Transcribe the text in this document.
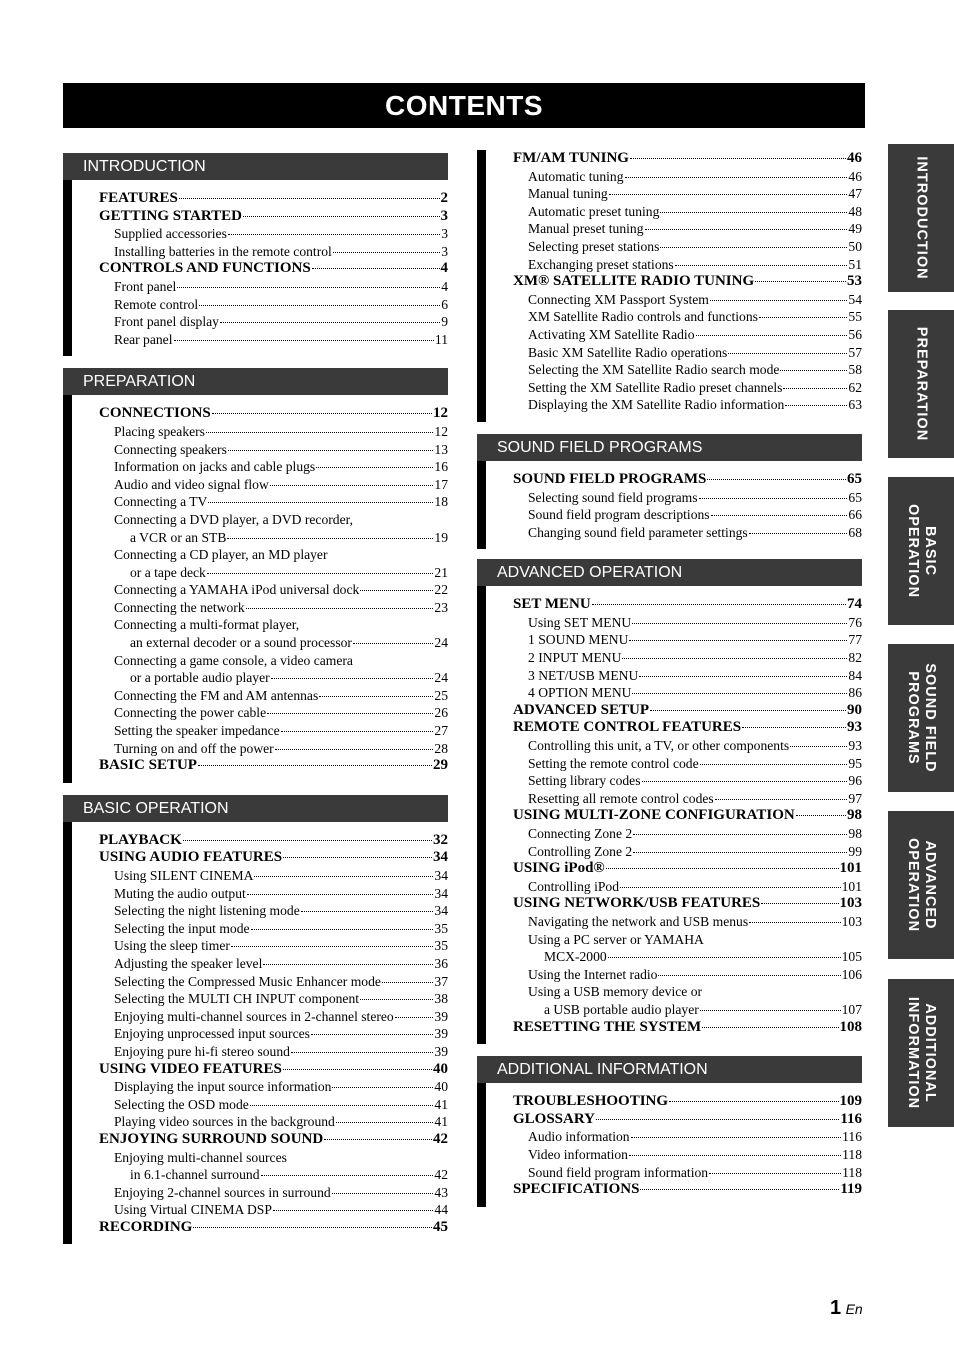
CONTENTS
INTRODUCTION
FEATURES	2
GETTING STARTED	3
Supplied accessories	3
Installing batteries in the remote control	3
CONTROLS AND FUNCTIONS	4
Front panel	4
Remote control	6
Front panel display	9
Rear panel	11
PREPARATION
CONNECTIONS	12
Placing speakers	12
Connecting speakers	13
Information on jacks and cable plugs	16
Audio and video signal flow	17
Connecting a TV	18
Connecting a DVD player, a DVD recorder,
a VCR or an STB	19
Connecting a CD player, an MD player
or a tape deck	21
Connecting a YAMAHA iPod universal dock	22
Connecting the network	23
Connecting a multi-format player,
an external decoder or a sound processor	24
Connecting a game console, a video camera
or a portable audio player	24
Connecting the FM and AM antennas	25
Connecting the power cable	26
Setting the speaker impedance	27
Turning on and off the power	28
BASIC SETUP	29
BASIC OPERATION
PLAYBACK	32
USING AUDIO FEATURES	34
Using SILENT CINEMA	34
Muting the audio output	34
Selecting the night listening mode	34
Selecting the input mode	35
Using the sleep timer	35
Adjusting the speaker level	36
Selecting the Compressed Music Enhancer mode	37
Selecting the MULTI CH INPUT component	38
Enjoying multi-channel sources in 2-channel stereo	39
Enjoying unprocessed input sources	39
Enjoying pure hi-fi stereo sound	39
USING VIDEO FEATURES	40
Displaying the input source information	40
Selecting the OSD mode	41
Playing video sources in the background	41
ENJOYING SURROUND SOUND	42
Enjoying multi-channel sources
in 6.1-channel surround	42
Enjoying 2-channel sources in surround	43
Using Virtual CINEMA DSP	44
RECORDING	45
FM/AM TUNING	46
Automatic tuning	46
Manual tuning	47
Automatic preset tuning	48
Manual preset tuning	49
Selecting preset stations	50
Exchanging preset stations	51
XM® SATELLITE RADIO TUNING	53
Connecting XM Passport System	54
XM Satellite Radio controls and functions	55
Activating XM Satellite Radio	56
Basic XM Satellite Radio operations	57
Selecting the XM Satellite Radio search mode	58
Setting the XM Satellite Radio preset channels	62
Displaying the XM Satellite Radio information	63
SOUND FIELD PROGRAMS
SOUND FIELD PROGRAMS	65
Selecting sound field programs	65
Sound field program descriptions	66
Changing sound field parameter settings	68
ADVANCED OPERATION
SET MENU	74
Using SET MENU	76
1 SOUND MENU	77
2 INPUT MENU	82
3 NET/USB MENU	84
4 OPTION MENU	86
ADVANCED SETUP	90
REMOTE CONTROL FEATURES	93
Controlling this unit, a TV, or other components	93
Setting the remote control code	95
Setting library codes	96
Resetting all remote control codes	97
USING MULTI-ZONE CONFIGURATION	98
Connecting Zone 2	98
Controlling Zone 2	99
USING iPod®	101
Controlling iPod	101
USING NETWORK/USB FEATURES	103
Navigating the network and USB menus	103
Using a PC server or YAMAHA
MCX-2000	105
Using the Internet radio	106
Using a USB memory device or
a USB portable audio player	107
RESETTING THE SYSTEM	108
ADDITIONAL INFORMATION
TROUBLESHOOTING	109
GLOSSARY	116
Audio information	116
Video information	118
Sound field program information	118
SPECIFICATIONS	119
INTRODUCTION
PREPARATION
BASIC OPERATION
SOUND FIELD PROGRAMS
ADVANCED OPERATION
ADDITIONAL INFORMATION
1 En
